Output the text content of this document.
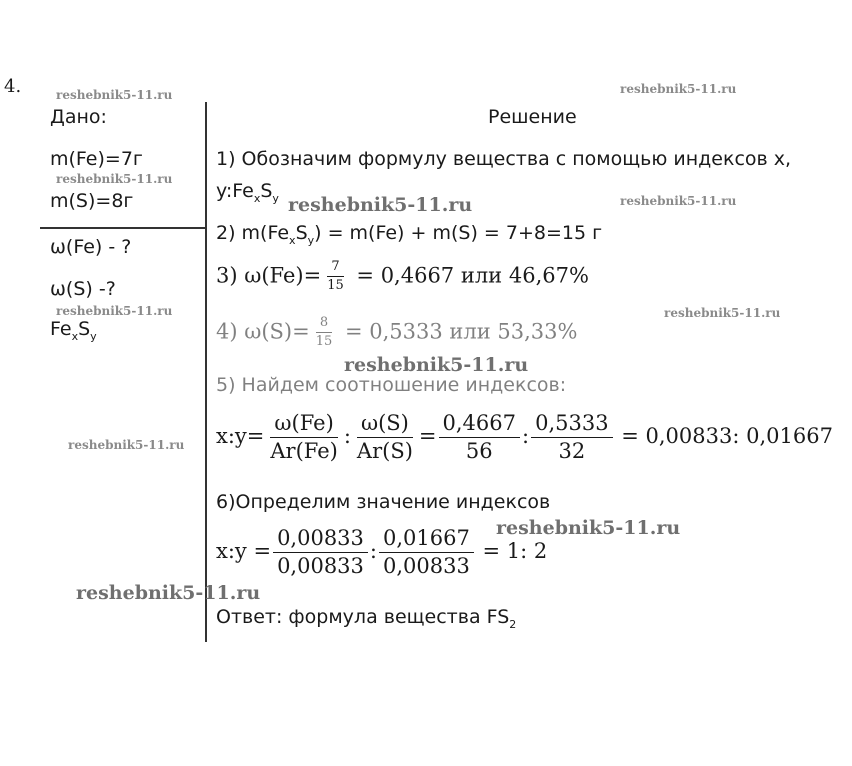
4.
Дано:
m(Fe)=7г
m(S)=8г
ω(Fe) - ?
ω(S) -?
$Fe_xS_y$
Решение
1) Обозначим формулу вещества с помощью индексов x,
$y:Fe_xS_y$
2) $m(Fe_xS_y) = m(Fe) + m(S) = 7+8=15$ г
3) $\omega(Fe)= \frac{7}{15} = 0,4667$ или 46,67%
4) $\omega(S)= \frac{8}{15} = 0,5333$ или 53,33%
5) Найдем соотношение индексов:
x:y= $\frac{\omega(Fe)}{Ar(Fe)}$ : $\frac{\omega(S)}{Ar(S)} = \frac{0,4667}{56}$ : $\frac{0,5333}{32} = 0,00833$: 0,01667
6)Определим значение индексов
x:y = $\frac{0,00833}{0,00833}$ : $\frac{0,01667}{0,00833} = 1$: 2
Ответ: формула вещества $FS_2$
reshebnik5-11.ru	reshebnik5-11.ru
reshebnik5-11.ru
reshebnik5-11.ru	reshebnik5-11.ru
reshebnik5-11.ru	reshebnik5-11.ru
reshebnik5-11.ru
reshebnik5-11.ru
reshebnik5-11.ru
reshebnik5-11.ru
